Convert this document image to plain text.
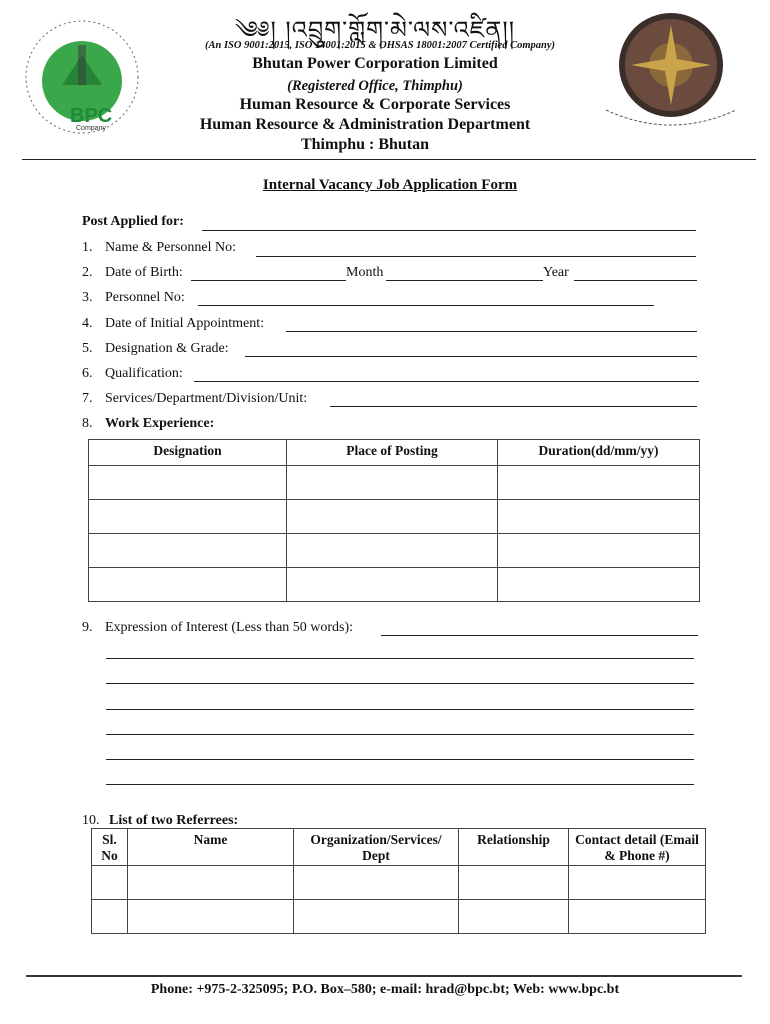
BPC
Company
༄༅། །འབྲུག་གློག་མེ་ལས་འཛིན།།
(An ISO 9001:2015, ISO 14001:2015 & OHSAS 18001:2007 Certified Company)
Bhutan Power Corporation Limited
(Registered Office, Thimphu)
Human Resource & Corporate Services
Human Resource & Administration Department
Thimphu : Bhutan
Internal Vacancy Job Application Form
Post Applied for:
1. Name & Personnel No:
2. Date of Birth:	Month	Year
3. Personnel No:
4. Date of Initial Appointment:
5. Designation & Grade:
6. Qualification:
7. Services/Department/Division/Unit:
8. Work Experience:
Designation	Place of Posting	Duration(dd/mm/yy)

9. Expression of Interest (Less than 50 words):
10. List of two Referrees:
Sl. No	Name	Organization/Services/ Dept	Relationship	Contact detail (Email & Phone #)

Phone: +975-2-325095; P.O. Box–580; e-mail: hrad@bpc.bt; Web: www.bpc.bt
